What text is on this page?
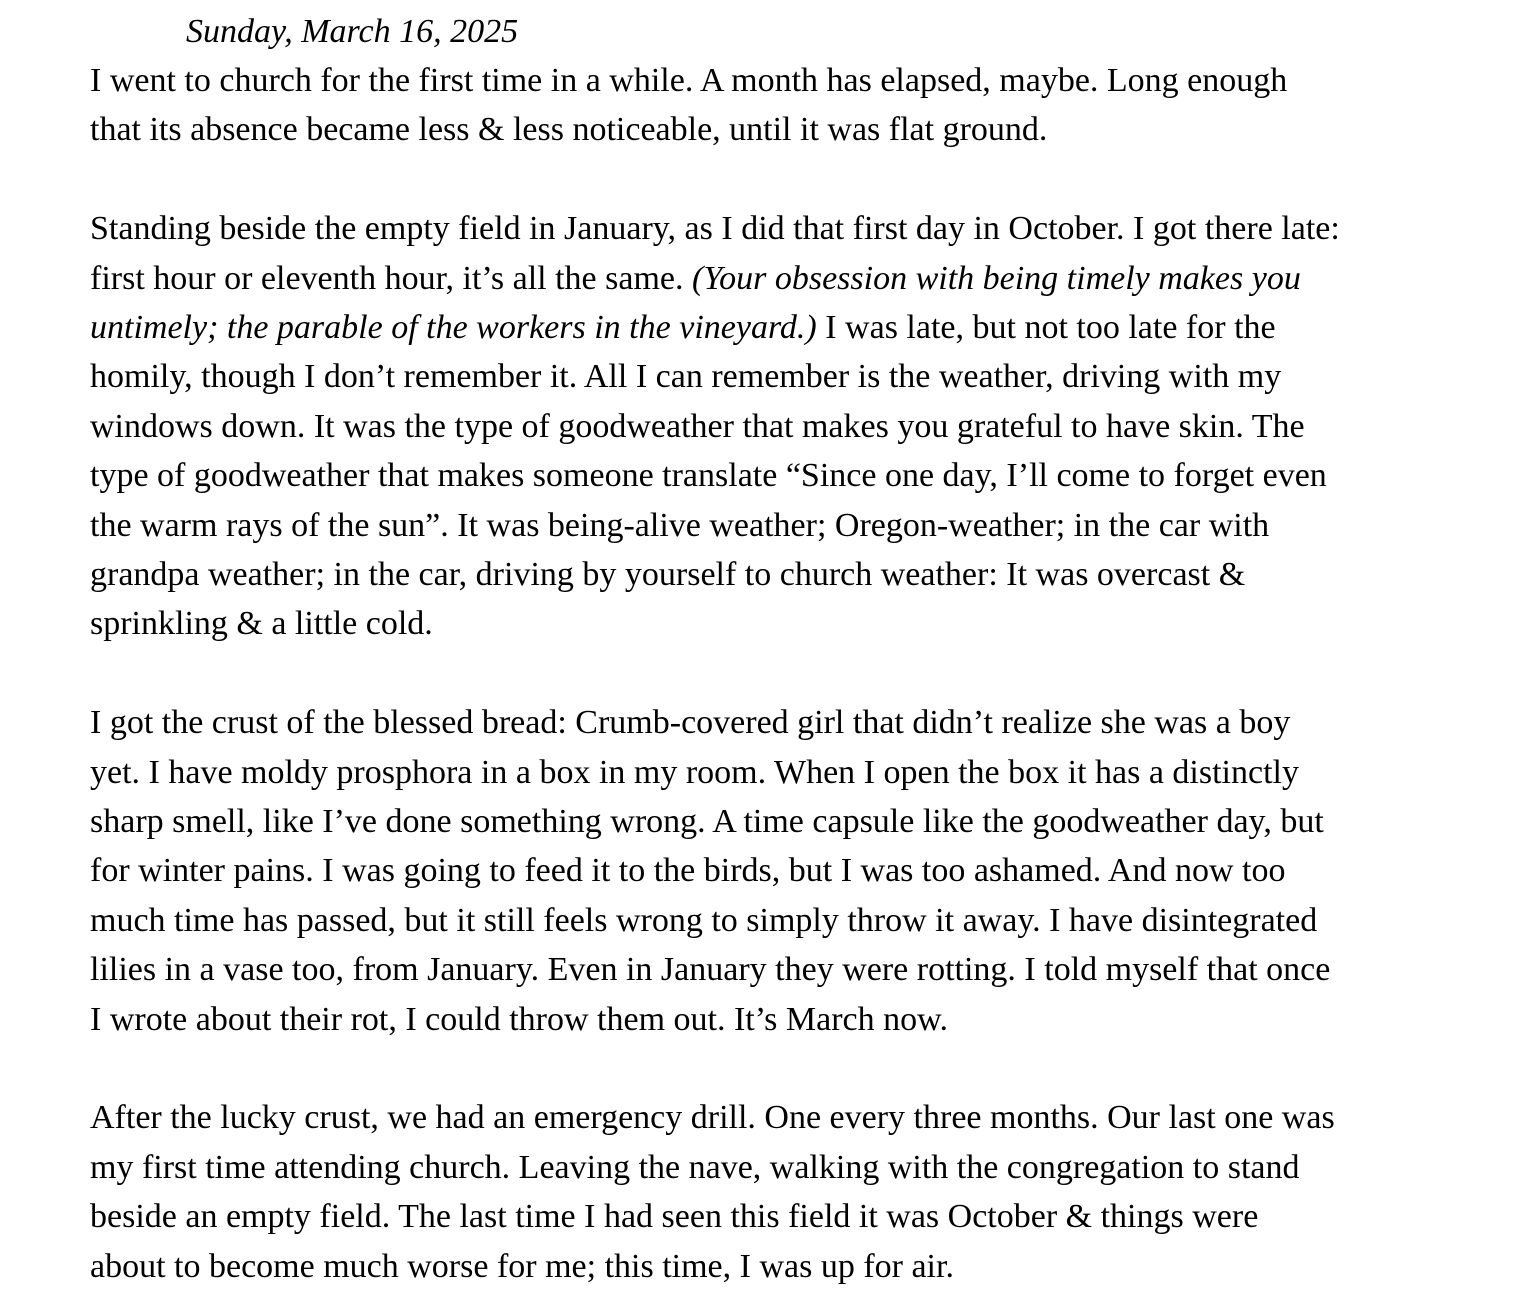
Sunday, March 16, 2025
I went to church for the first time in a while. A month has elapsed, maybe. Long enough
that its absence became less & less noticeable, until it was flat ground.
Standing beside the empty field in January, as I did that first day in October. I got there late:
first hour or eleventh hour, it’s all the same. (Your obsession with being timely makes you
untimely; the parable of the workers in the vineyard.) I was late, but not too late for the
homily, though I don’t remember it. All I can remember is the weather, driving with my
windows down. It was the type of goodweather that makes you grateful to have skin. The
type of goodweather that makes someone translate “Since one day, I’ll come to forget even
the warm rays of the sun”. It was being-alive weather; Oregon-weather; in the car with
grandpa weather; in the car, driving by yourself to church weather: It was overcast &
sprinkling & a little cold.
I got the crust of the blessed bread: Crumb-covered girl that didn’t realize she was a boy
yet. I have moldy prosphora in a box in my room. When I open the box it has a distinctly
sharp smell, like I’ve done something wrong. A time capsule like the goodweather day, but
for winter pains. I was going to feed it to the birds, but I was too ashamed. And now too
much time has passed, but it still feels wrong to simply throw it away. I have disintegrated
lilies in a vase too, from January. Even in January they were rotting. I told myself that once
I wrote about their rot, I could throw them out. It’s March now.
After the lucky crust, we had an emergency drill. One every three months. Our last one was
my first time attending church. Leaving the nave, walking with the congregation to stand
beside an empty field. The last time I had seen this field it was October & things were
about to become much worse for me; this time, I was up for air.
